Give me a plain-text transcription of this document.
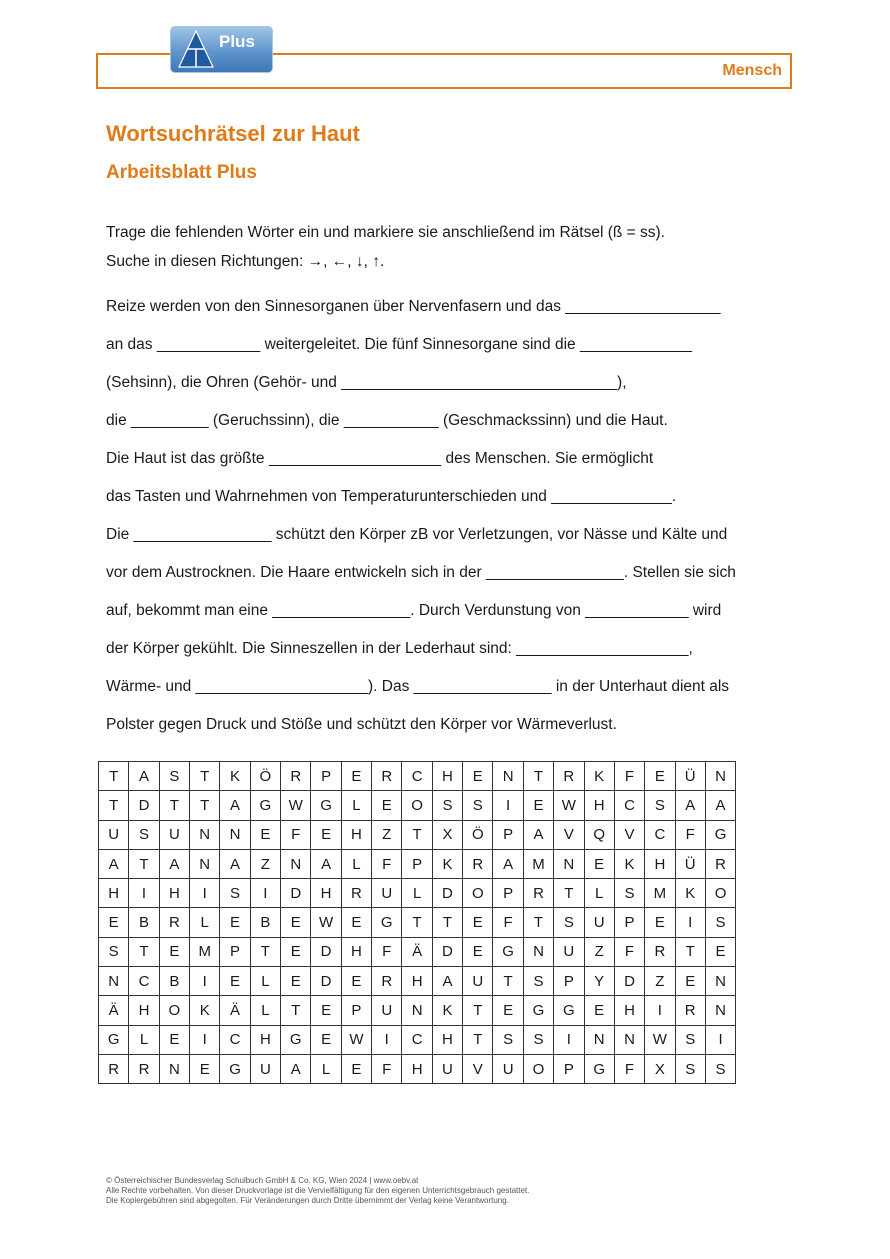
Plus
Mensch
Wortsuchrätsel zur Haut
Arbeitsblatt Plus
Trage die fehlenden Wörter ein und markiere sie anschließend im Rätsel (ß = ss).
Suche in diesen Richtungen: →, ←, ↓, ↑.
Reize werden von den Sinnesorganen über Nervenfasern und das __________________
an das ____________ weitergeleitet. Die fünf Sinnesorgane sind die _____________
(Sehsinn), die Ohren (Gehör- und ________________________________),
die _________ (Geruchssinn), die ___________ (Geschmackssinn) und die Haut.
Die Haut ist das größte ____________________ des Menschen. Sie ermöglicht
das Tasten und Wahrnehmen von Temperaturunterschieden und ______________.
Die ________________ schützt den Körper zB vor Verletzungen, vor Nässe und Kälte und
vor dem Austrocknen. Die Haare entwickeln sich in der ________________. Stellen sie sich
auf, bekommt man eine ________________. Durch Verdunstung von ____________ wird
der Körper gekühlt. Die Sinneszellen in der Lederhaut sind: ____________________,
Wärme- und ____________________). Das ________________ in der Unterhaut dient als
Polster gegen Druck und Stöße und schützt den Körper vor Wärmeverlust.
T	A	S	T	K	Ö	R	P	E	R	C	H	E	N	T	R	K	F	E	Ü	N
T	D	T	T	A	G	W	G	L	E	O	S	S	I	E	W	H	C	S	A	A
U	S	U	N	N	E	F	E	H	Z	T	X	Ö	P	A	V	Q	V	C	F	G
A	T	A	N	A	Z	N	A	L	F	P	K	R	A	M	N	E	K	H	Ü	R
H	I	H	I	S	I	D	H	R	U	L	D	O	P	R	T	L	S	M	K	O
E	B	R	L	E	B	E	W	E	G	T	T	E	F	T	S	U	P	E	I	S
S	T	E	M	P	T	E	D	H	F	Ä	D	E	G	N	U	Z	F	R	T	E
N	C	B	I	E	L	E	D	E	R	H	A	U	T	S	P	Y	D	Z	E	N
Ä	H	O	K	Ä	L	T	E	P	U	N	K	T	E	G	G	E	H	I	R	N
G	L	E	I	C	H	G	E	W	I	C	H	T	S	S	I	N	N	W	S	I
R	R	N	E	G	U	A	L	E	F	H	U	V	U	O	P	G	F	X	S	S
© Österreichischer Bundesverlag Schulbuch GmbH & Co. KG, Wien 2024 | www.oebv.at
Alle Rechte vorbehalten. Von dieser Druckvorlage ist die Vervielfältigung für den eigenen Unterrichtsgebrauch gestattet.
Die Kopiergebühren sind abgegolten. Für Veränderungen durch Dritte übernimmt der Verlag keine Verantwortung.
